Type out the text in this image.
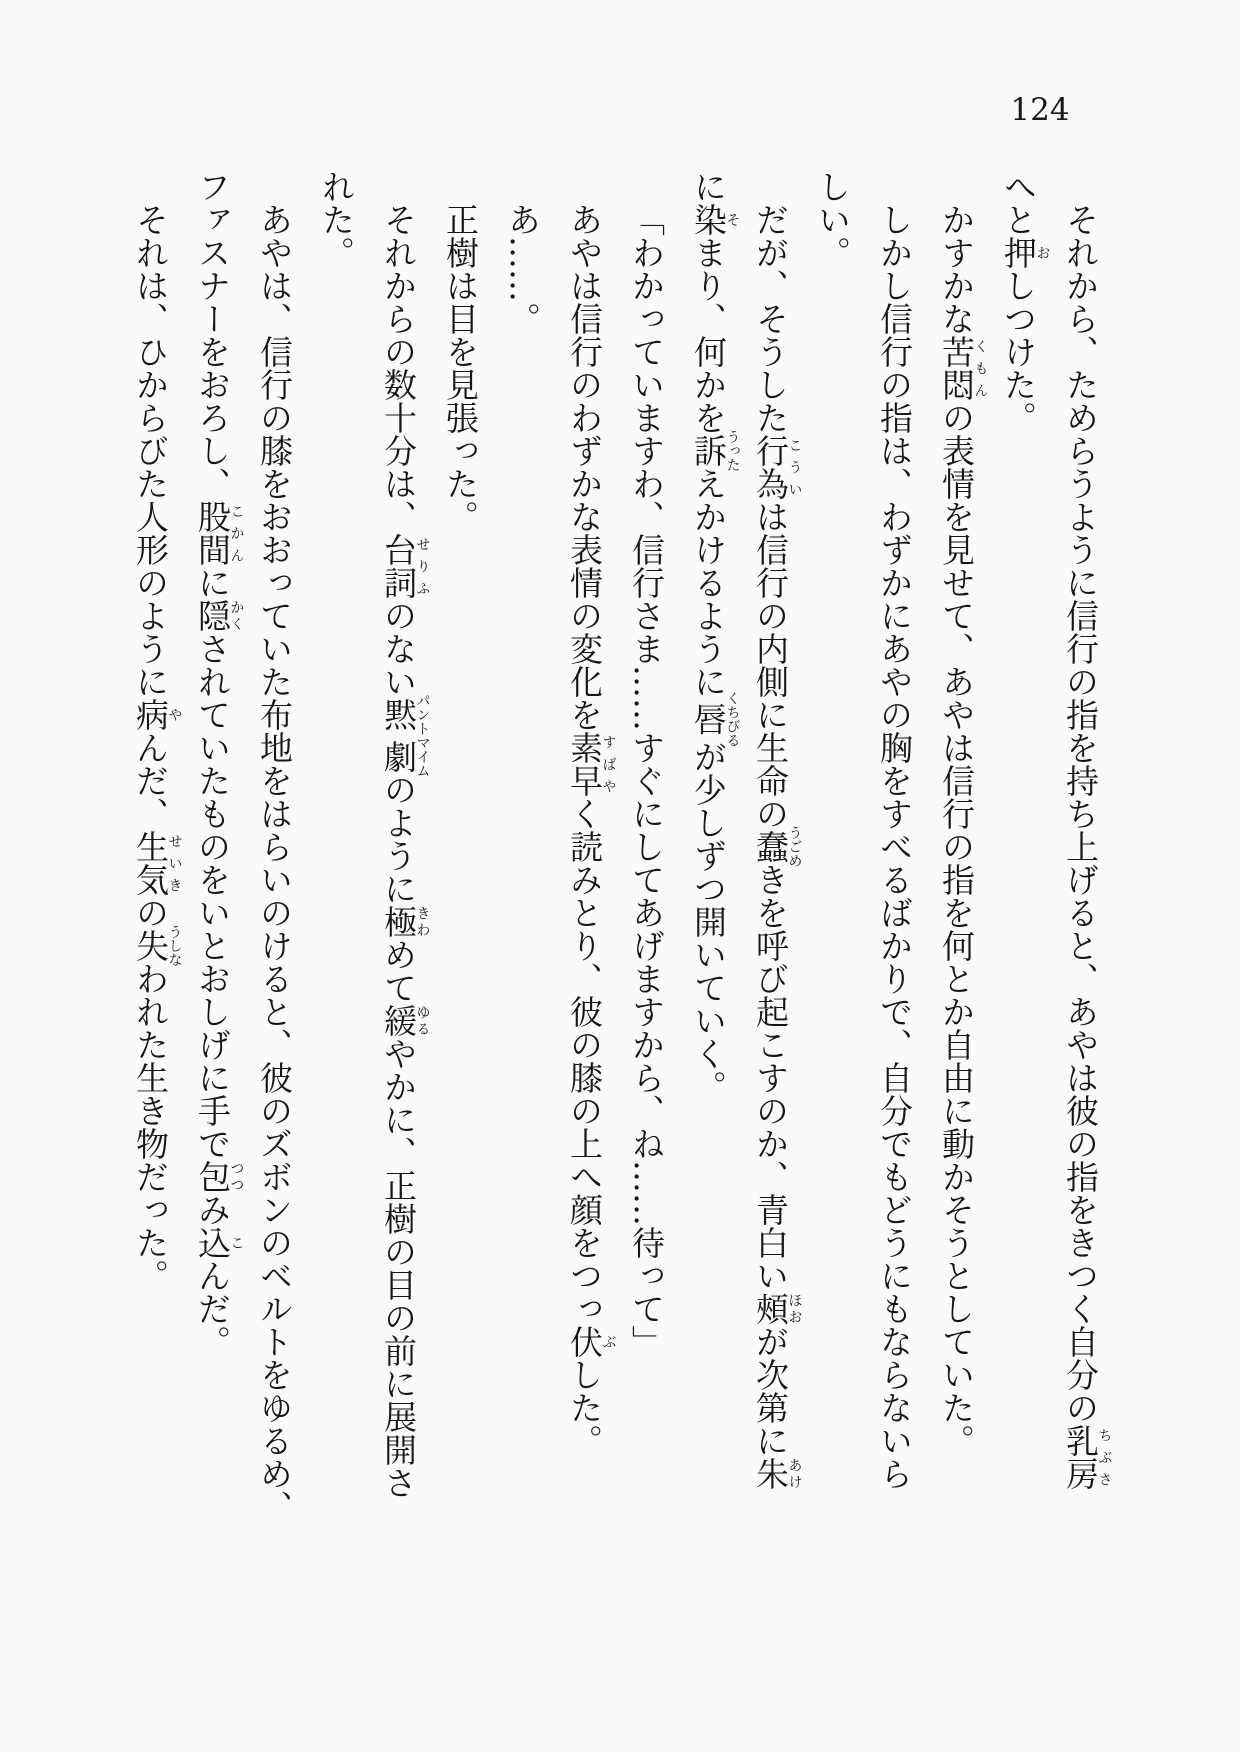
124
それから、ためらうように信行の指を持ち上げると、あやは彼の指をきつく自分の乳房ちぶさ
へと押おしつけた。
かすかな苦悶くもんの表情を見せて、あやは信行の指を何とか自由に動かそうとしていた。
しかし信行の指は、わずかにあやの胸をすべるばかりで、自分でもどうにもならないら
しい。
だが、そうした行為こういは信行の内側に生命の蠢うごめきを呼び起こすのか、青白い頰ほおが次第に朱あけ
に染そまり、何かを訴うったえかけるように唇くちびるが少しずつ開いていく。
「わかっていますわ、信行さま……すぐにしてあげますから、ね……待って」
あやは信行のわずかな表情の変化を素早すばやく読みとり、彼の膝の上へ顔をつっ伏ぶした。
あ……。
正樹は目を見張った。
それからの数十分は、台詞せりふのない黙劇パントマイムのように極きわめて緩ゆるやかに、正樹の目の前に展開さ
れた。
あやは、信行の膝をおおっていた布地をはらいのけると、彼のズボンのベルトをゆるめ、
ファスナーをおろし、股間こかんに隠かくされていたものをいとおしげに手で包つつみ込こんだ。
それは、ひからびた人形のように病やんだ、生気せいきの失うしなわれた生き物だった。
